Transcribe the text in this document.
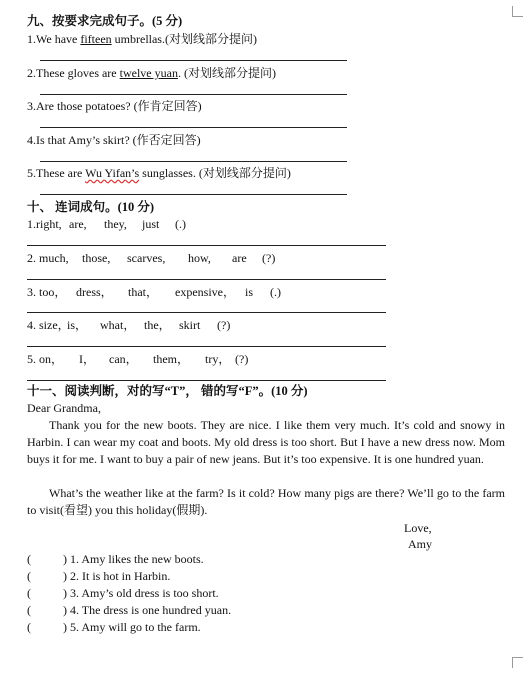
九、按要求完成句子。(5 分)
1.We have fifteen umbrellas.(对划线部分提问)
2.These gloves are twelve yuan. (对划线部分提问)
3.Are those potatoes? (作肯定回答)
4.Is that Amy’s skirt? (作否定回答)
5.These are Wu Yifan’s sunglasses. (对划线部分提问)
十、 连词成句。(10 分)
1.right, are, they, just (.)
2. much, those, scarves, how, are (?)
3. too， dress， that， expensive， is (.)
4. size，is， what， the， skirt (?)
5. on， I， can， them， try， (?)
十一、阅读判断，对的写“T”， 错的写“F”。(10 分)
Dear Grandma,
Thank you for the new boots. They are nice. I like them very much. It’s cold and snowy in Harbin. I can wear my coat and boots. My old dress is too short. But I have a new dress now. Mom buys it for me. I want to buy a pair of new jeans. But it’s too expensive. It is one hundred yuan.
What’s the weather like at the farm? Is it cold? How many pigs are there? We’ll go to the farm to visit(看望) you this holiday(假期).
Love,
Amy
(	) 1. Amy likes the new boots.
(	) 2. It is hot in Harbin.
(	) 3. Amy’s old dress is too short.
(	) 4. The dress is one hundred yuan.
(	) 5. Amy will go to the farm.
